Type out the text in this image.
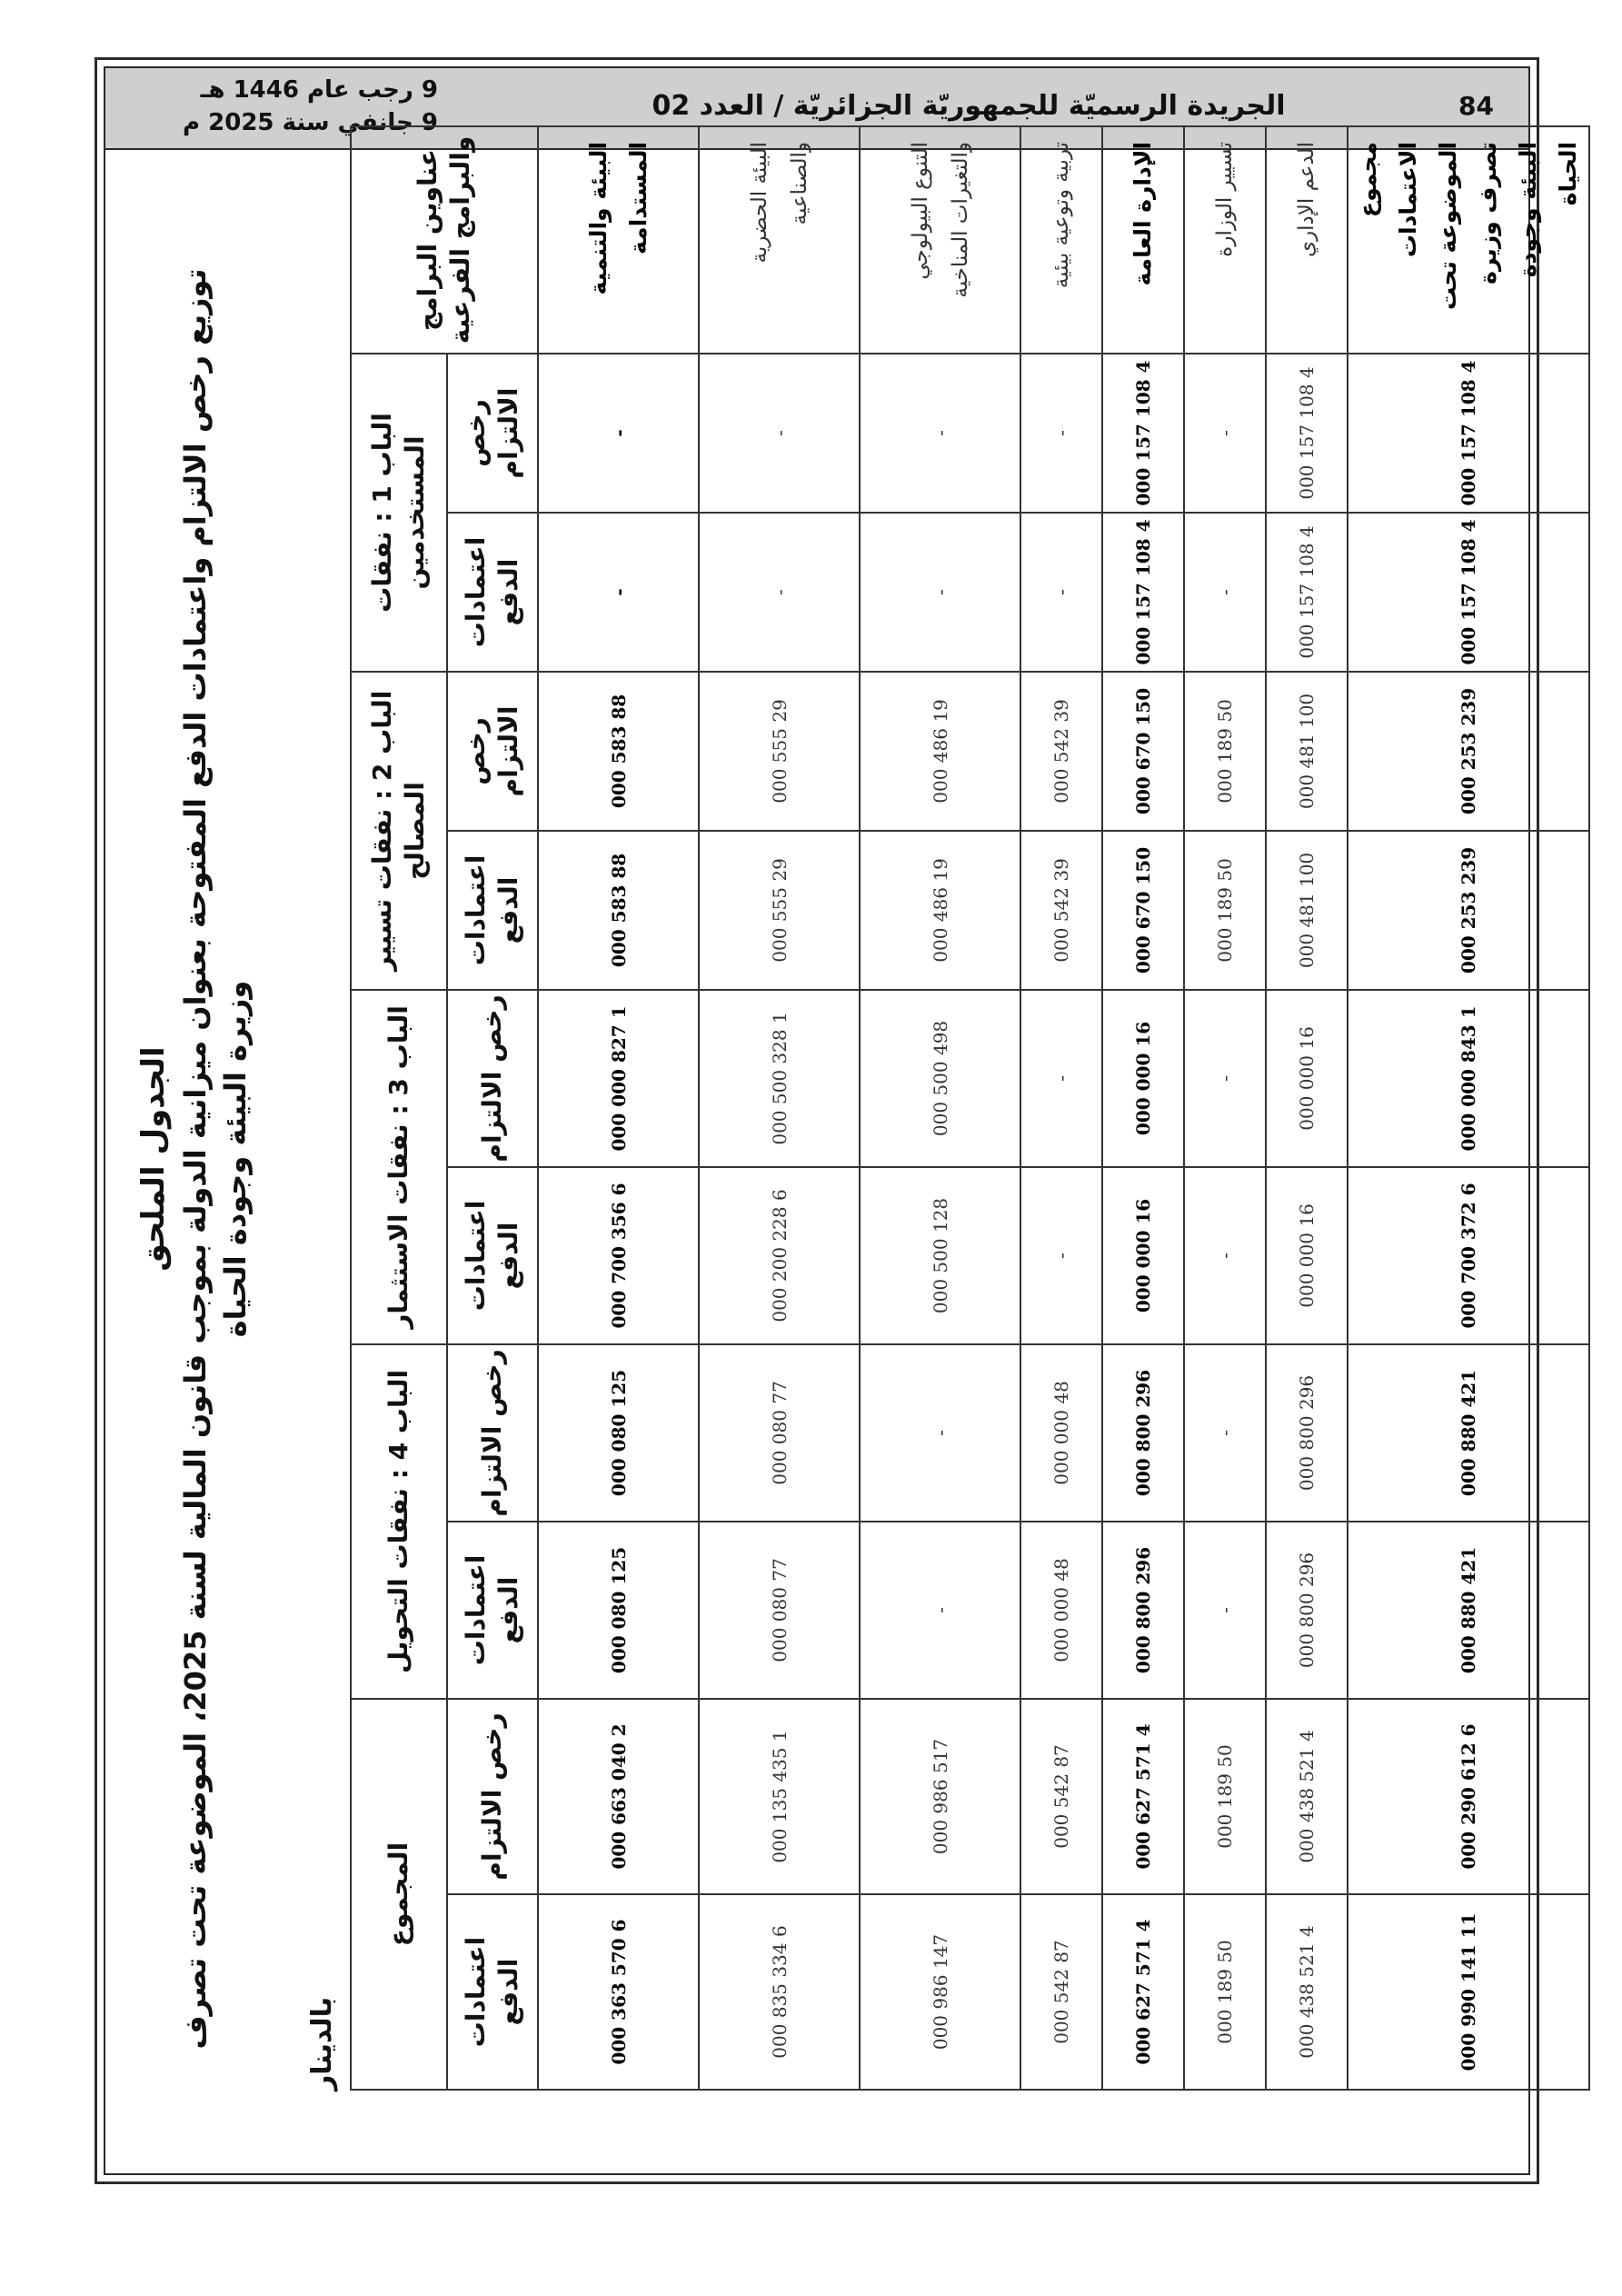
9 رجب عام 1446 هـ
9 جانفي سنة 2025 م
الجريدة الرسميّة للجمهوريّة الجزائريّة / العدد 02	84
الجدول الملحق
توزيع رخص الالتزام واعتمادات الدفع المفتوحة بعنوان ميزانية الدولة بموجب قانون المالية لسنة 2025، الموضوعة تحت تصرف وزيرة البيئة وجودة الحياة
بالدينار
عناوين البرامج والبرامج الفرعية	الباب 1 : نفقات المستخدمين		الباب 2 : نفقات تسيير المصالح		الباب 3 : نفقات الاستثمار		الباب 4 : نفقات التحويل		المجموع	
	رخص الالتزام	اعتمادات الدفع	رخص الالتزام	اعتمادات الدفع	رخص الالتزام	اعتمادات الدفع	رخص الالتزام	اعتمادات الدفع	رخص الالتزام	اعتمادات الدفع
البيئة والتنمية المستدامة	-	-	88 583 000	88 583 000	1 827 000 000	6 356 700 000	125 080 000	125 080 000	2 040 663 000	6 570 363 000
البيئة الحضرية والصناعية	-	-	29 555 000	29 555 000	1 328 500 000	6 228 200 000	77 080 000	77 080 000	1 435 135 000	6 334 835 000
التنوع البيولوجي والتغيرات المناخية	-	-	19 486 000	19 486 000	498 500 000	128 500 000	-	-	517 986 000	147 986 000
تربية وتوعية بيئية	-	-	39 542 000	39 542 000	-	-	48 000 000	48 000 000	87 542 000	87 542 000
الإدارة العامة	4 108 157 000	4 108 157 000	150 670 000	150 670 000	16 000 000	16 000 000	296 800 000	296 800 000	4 571 627 000	4 571 627 000
تسيير الوزارة	-	-	50 189 000	50 189 000	-	-	-	-	50 189 000	50 189 000
الدعم الإداري	4 108 157 000	4 108 157 000	100 481 000	100 481 000	16 000 000	16 000 000	296 800 000	296 800 000	4 521 438 000	4 521 438 000
مجموع الاعتمادات الموضوعة تحت تصرف وزيرة البيئة وجودة الحياة	4 108 157 000	4 108 157 000	239 253 000	239 253 000	1 843 000 000	6 372 700 000	421 880 000	421 880 000	6 612 290 000	11 141 990 000
